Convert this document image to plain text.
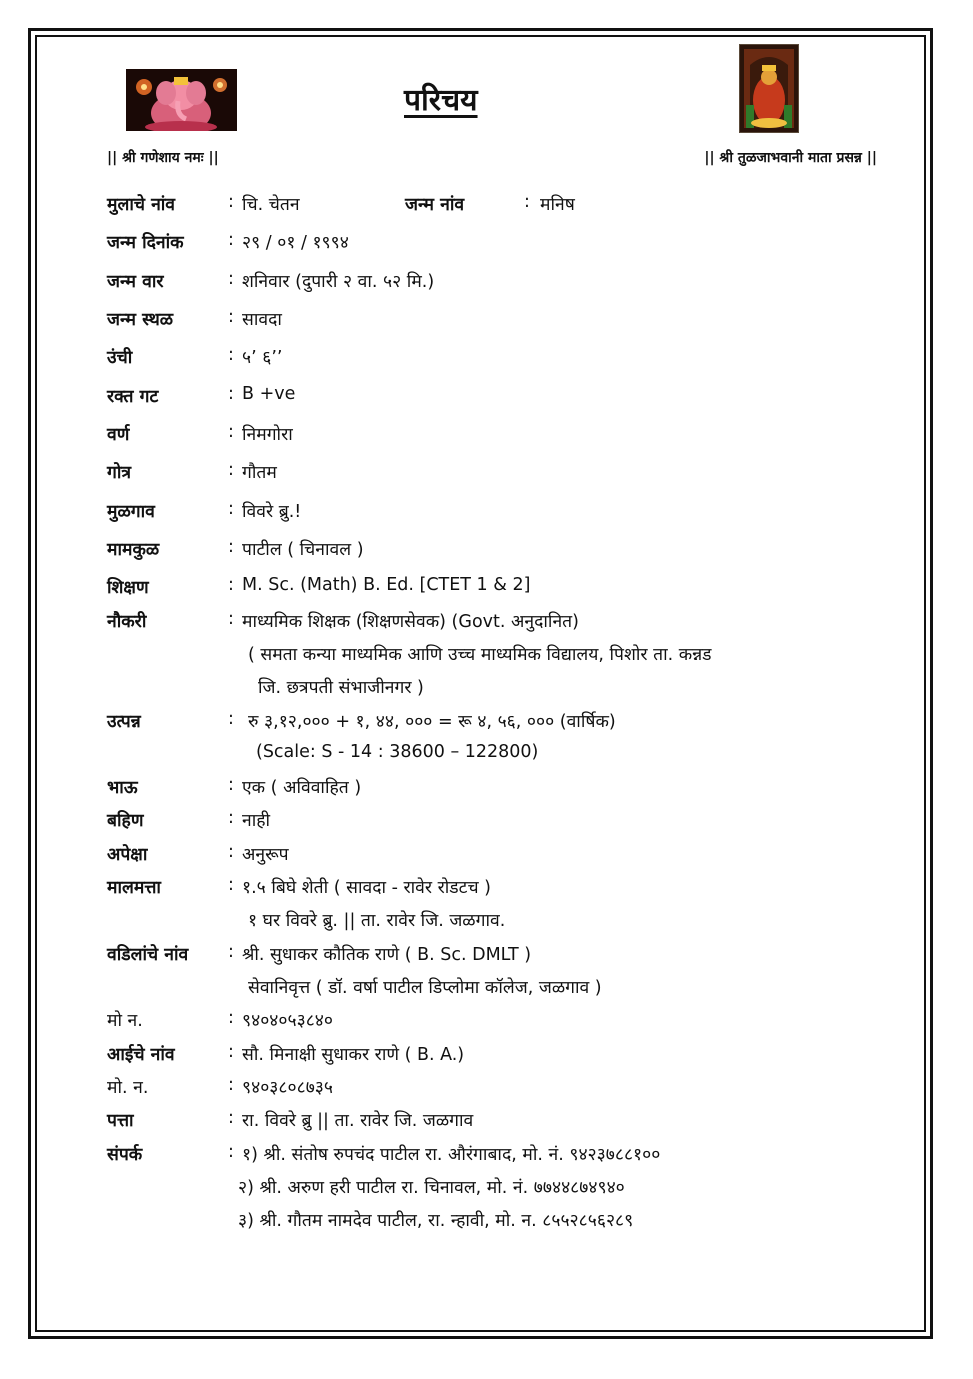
परिचय
|| श्री गणेशाय नमः ||	|| श्री तुळजाभवानी माता प्रसन्न ||
मुलाचे नांव	: चि. चेतन	जन्म नांव	: मनिष
जन्म दिनांक	: २९ / ०१ / १९९४
जन्म वार	: शनिवार (दुपारी २ वा. ५२ मि.)
जन्म स्थळ	: सावदा
उंची	: ५’ ६’’
रक्त गट	: B +ve
वर्ण	: निमगोरा
गोत्र	: गौतम
मुळगाव	: विवरे ब्रु.!
मामकुळ	: पाटील ( चिनावल )
शिक्षण	: M. Sc. (Math) B. Ed. [CTET 1 & 2]
नौकरी	: माध्यमिक शिक्षक (शिक्षणसेवक) (Govt. अनुदानित)
( समता कन्या माध्यमिक आणि उच्च माध्यमिक विद्यालय, पिशोर ता. कन्नड
जि. छत्रपती संभाजीनगर )
उत्पन्न	: रु ३,१२,००० + १, ४४, ००० = रू ४, ५६, ००० (वार्षिक)
(Scale: S - 14 : 38600 – 122800)
भाऊ	: एक ( अविवाहित )
बहिण	: नाही
अपेक्षा	: अनुरूप
मालमत्ता	: १.५ बिघे शेती ( सावदा - रावेर रोडटच )
१ घर विवरे ब्रु. || ता. रावेर जि. जळगाव.
वडिलांचे नांव : श्री. सुधाकर कौतिक राणे ( B. Sc. DMLT )
सेवानिवृत्त ( डॉ. वर्षा पाटील डिप्लोमा कॉलेज, जळगाव )
मो न.	: ९४०४०५३८४०
आईचे नांव	: सौ. मिनाक्षी सुधाकर राणे ( B. A.)
मो. न.	: ९४०३८०८७३५
पत्ता	: रा. विवरे ब्रु || ता. रावेर जि. जळगाव
संपर्क	: १) श्री. संतोष रुपचंद पाटील रा. औरंगाबाद, मो. नं. ९४२३७८८१००
२) श्री. अरुण हरी पाटील रा. चिनावल, मो. नं. ७७४४८७४९४०
३) श्री. गौतम नामदेव पाटील, रा. न्हावी, मो. न. ८५५२८५६२८९
